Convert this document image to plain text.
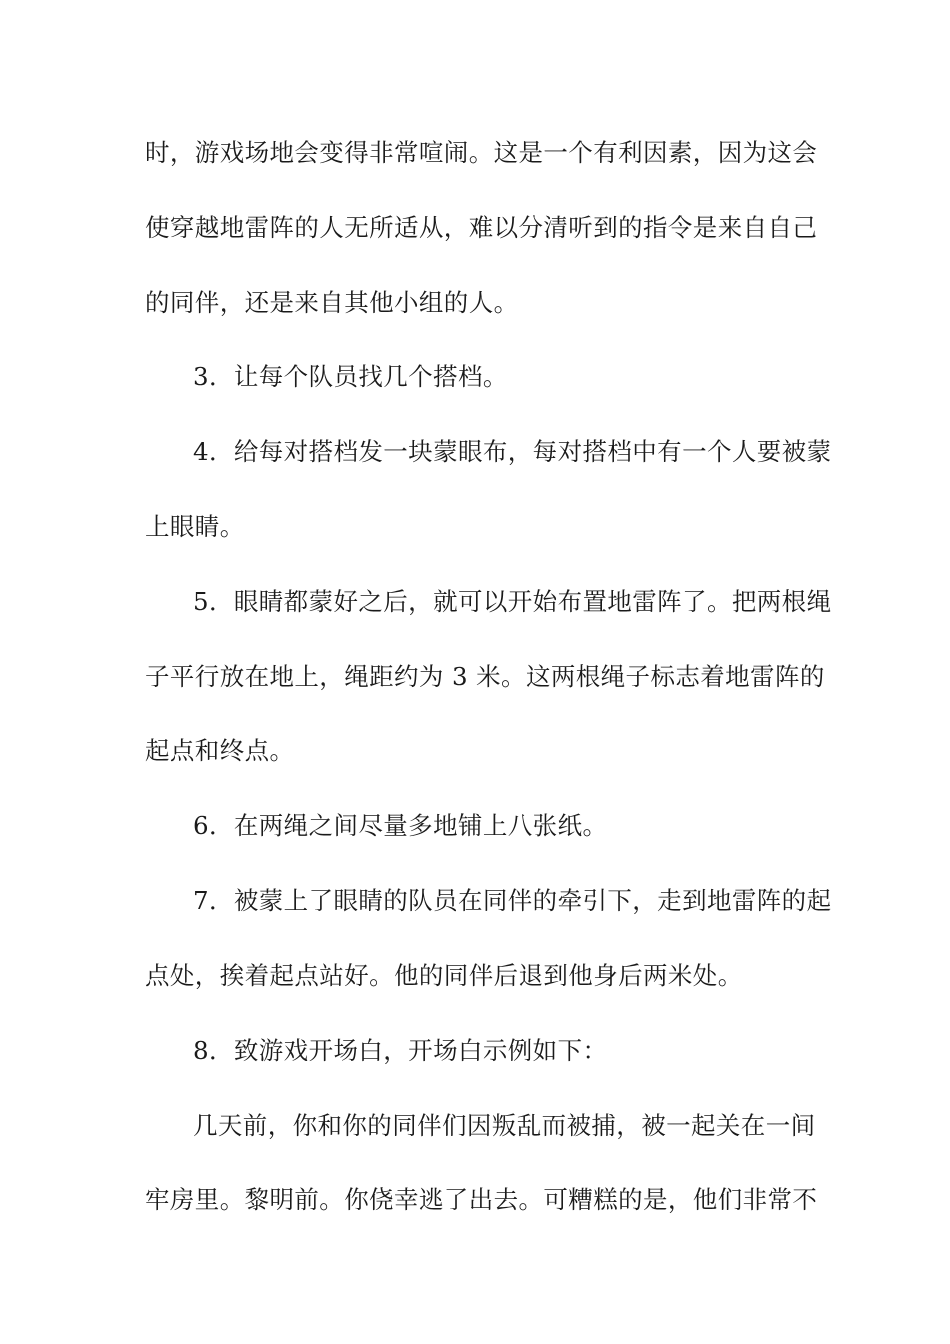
时，游戏场地会变得非常喧闹。这是一个有利因素，因为这会
使穿越地雷阵的人无所适从，难以分清听到的指令是来自自己
的同伴，还是来自其他小组的人。
3．让每个队员找几个搭档。
4．给每对搭档发一块蒙眼布，每对搭档中有一个人要被蒙
上眼睛。
5．眼睛都蒙好之后，就可以开始布置地雷阵了。把两根绳
子平行放在地上，绳距约为 3 米。这两根绳子标志着地雷阵的
起点和终点。
6．在两绳之间尽量多地铺上八张纸。
7．被蒙上了眼睛的队员在同伴的牵引下，走到地雷阵的起
点处，挨着起点站好。他的同伴后退到他身后两米处。
8．致游戏开场白，开场白示例如下：
几天前，你和你的同伴们因叛乱而被捕，被一起关在一间
牢房里。黎明前。你侥幸逃了出去。可糟糕的是，他们非常不
